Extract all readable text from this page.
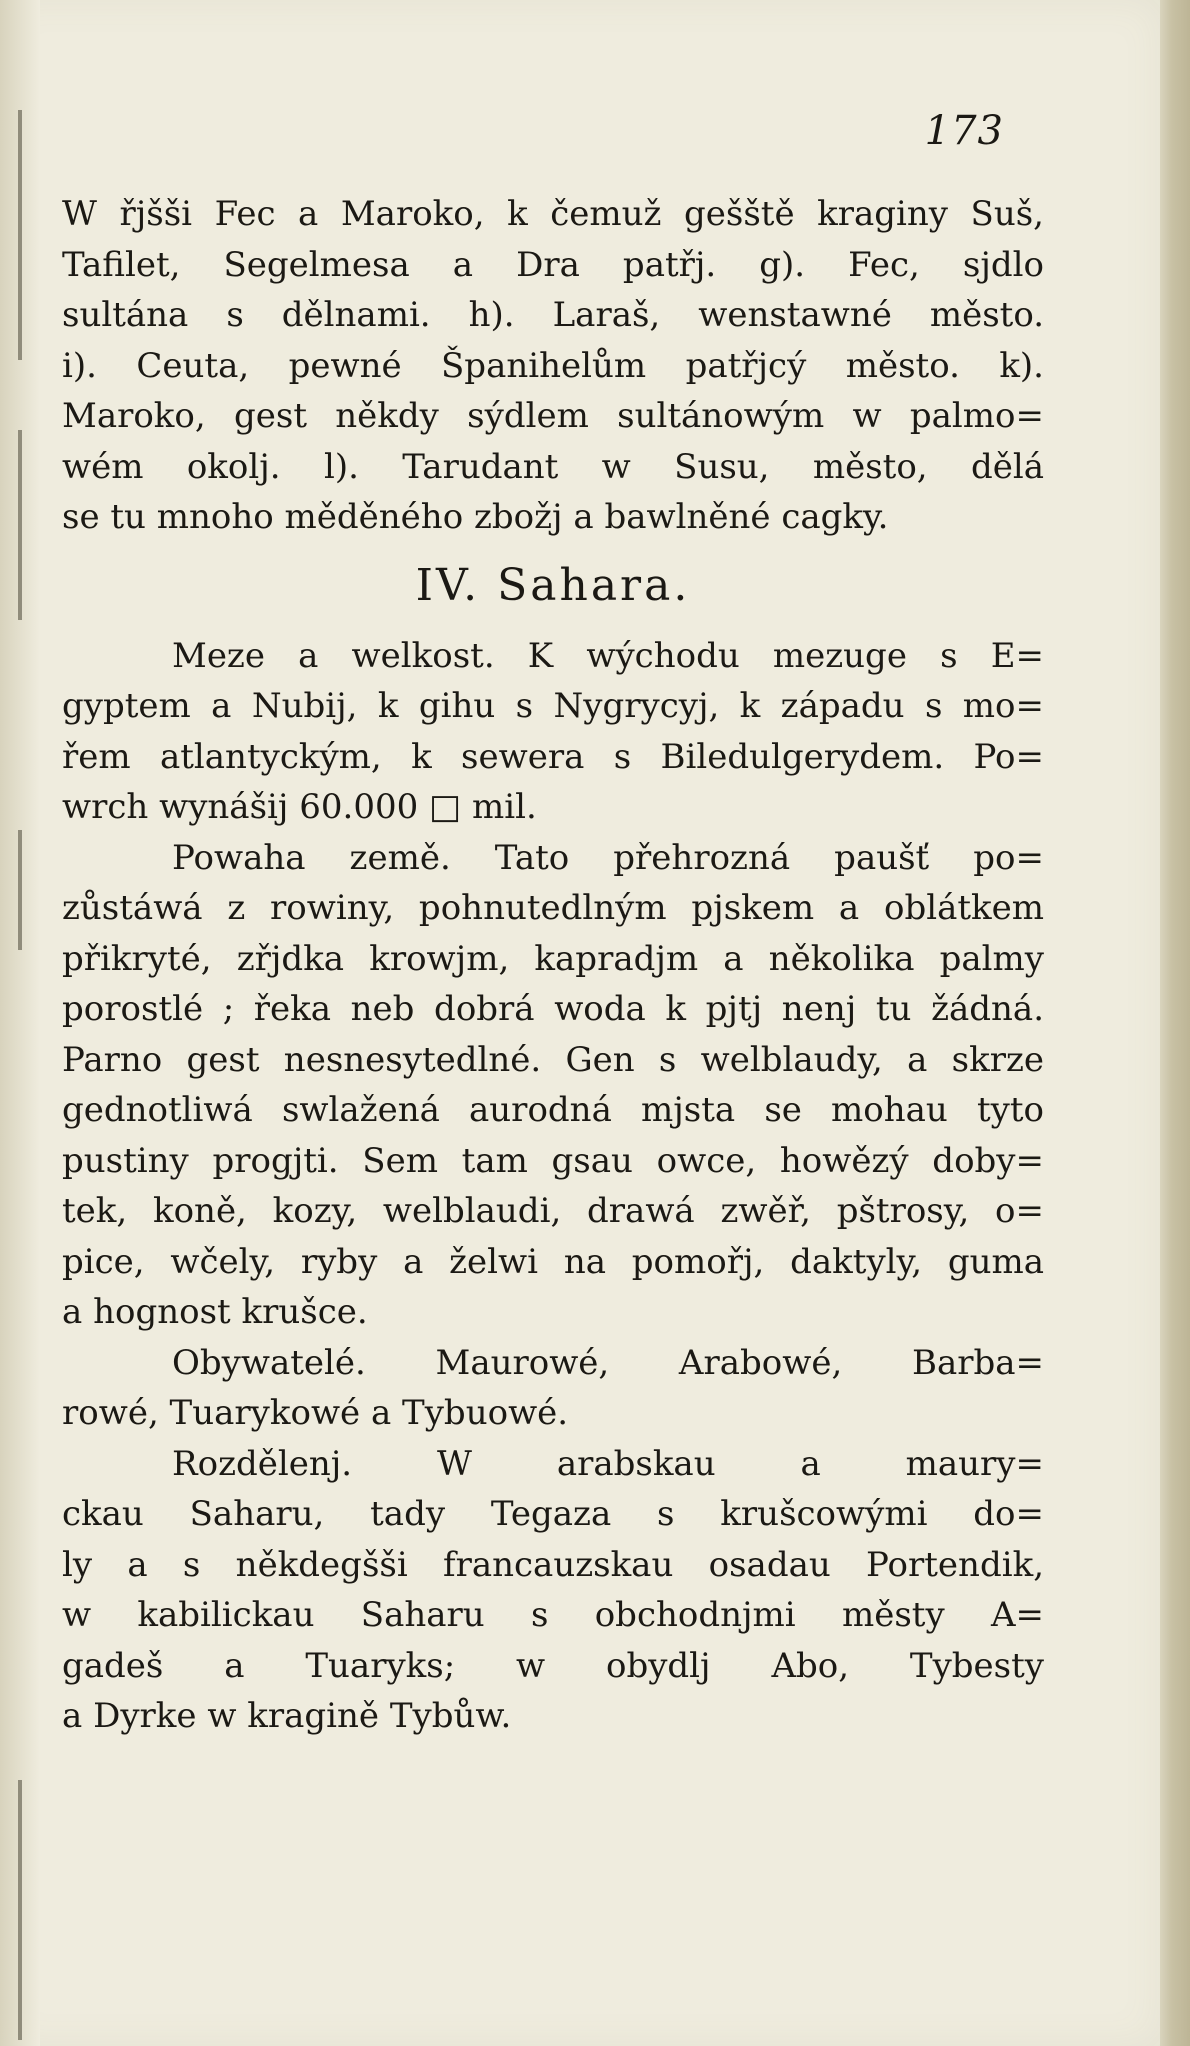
173
W řjšši Fec a Maroko, k čemuž gešště kraginy Suš,
Tafilet, Segelmesa a Dra patřj. g). Fec, sjdlo
sultána s dělnami. h). Laraš, wenstawné město.
i). Ceuta, pewné Španihelům patřjcý město. k).
Maroko, gest někdy sýdlem sultánowým w palmo=
wém okolj. l). Tarudant w Susu, město, dělá
se tu mnoho měděného zbožj a bawlněné cagky.
IV. Sahara.
Meze a welkost. K wýchodu mezuge s E=
gyptem a Nubij, k gihu s Nygrycyj, k západu s mo=
řem atlantyckým, k sewera s Biledulgerydem. Po=
wrch wynášij 60.000 □ mil.
Powaha země. Tato přehrozná paušť po=
zůstáwá z rowiny, pohnutedlným pjskem a oblátkem
přikryté, zřjdka krowjm, kapradjm a několika palmy
porostlé ; řeka neb dobrá woda k pjtj nenj tu žádná.
Parno gest nesnesytedlné. Gen s welblaudy, a skrze
gednotliwá swlažená aurodná mjsta se mohau tyto
pustiny progjti. Sem tam gsau owce, howězý doby=
tek, koně, kozy, welblaudi, drawá zwěř, pštrosy, o=
pice, wčely, ryby a želwi na pomořj, daktyly, guma
a hognost krušce.
Obywatelé. Maurowé, Arabowé, Barba=
rowé, Tuarykowé a Tybuowé.
Rozdělenj. W arabskau a maury=
ckau Saharu, tady Tegaza s krušcowými do=
ly a s někdegšši francauzskau osadau Portendik,
w kabilickau Saharu s obchodnjmi městy A=
gadeš a Tuaryks; w obydlj Abo, Tybesty
a Dyrke w kragině Tybůw.
